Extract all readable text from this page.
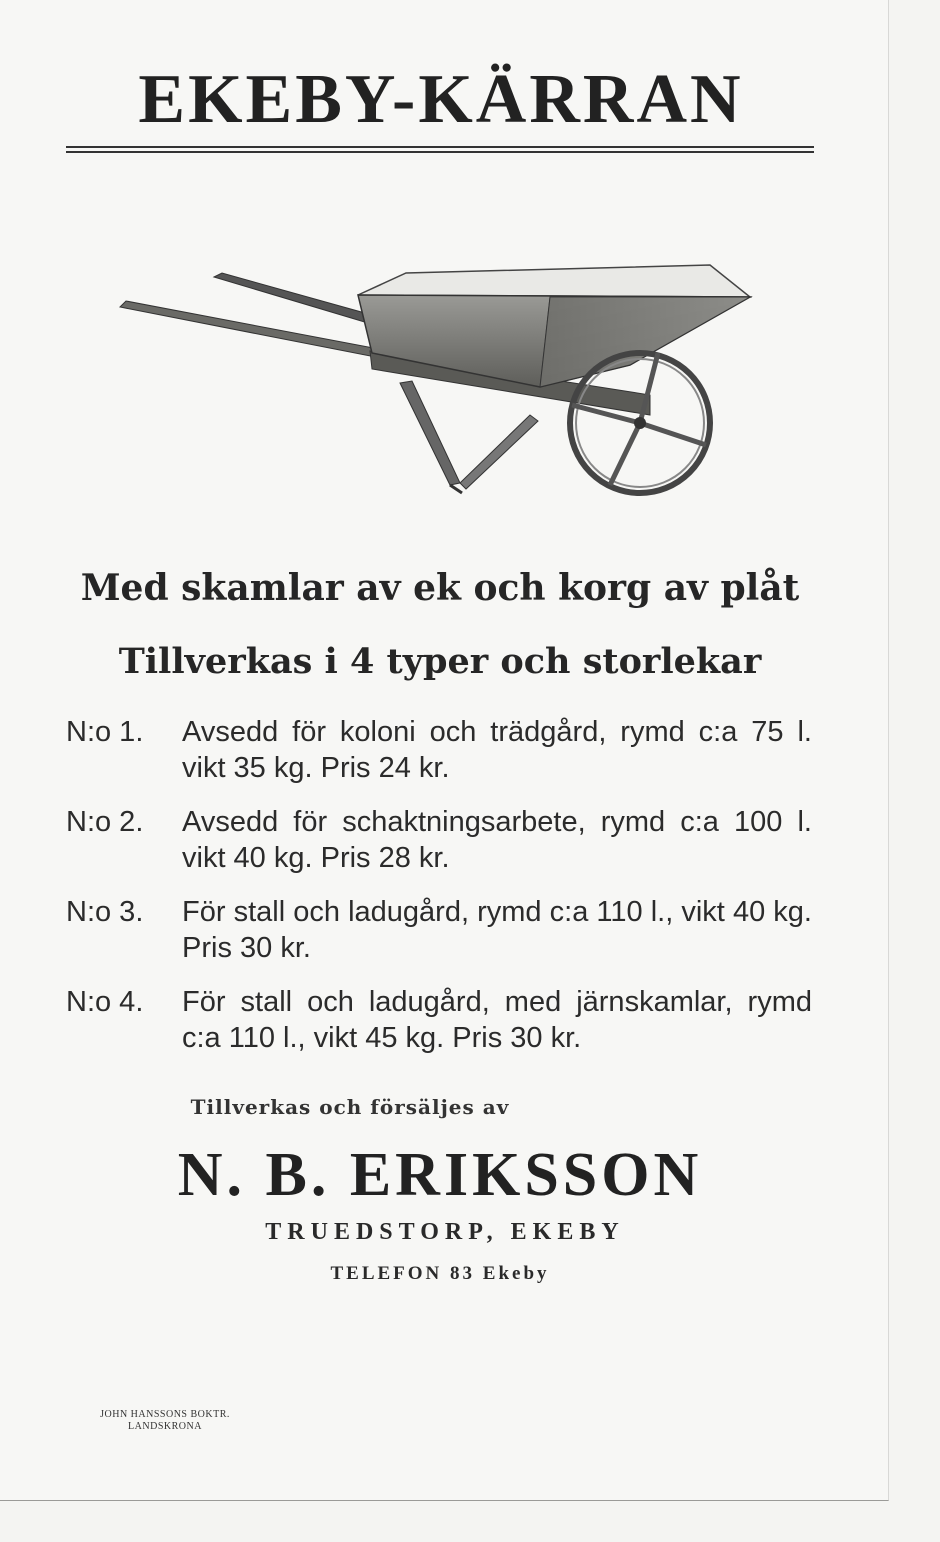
EKEBY-KÄRRAN
Med skamlar av ek och korg av plåt
Tillverkas i 4 typer och storlekar
N:o 1.	Avsedd för koloni och trädgård, rymd c:a 75 l. vikt 35 kg. Pris 24 kr.
N:o 2.	Avsedd för schaktningsarbete, rymd c:a 100 l. vikt 40 kg. Pris 28 kr.
N:o 3.	För stall och ladugård, rymd c:a 110 l., vikt 40 kg. Pris 30 kr.
N:o 4.	För stall och ladugård, med järnskamlar, rymd c:a 110 l., vikt 45 kg. Pris 30 kr.
Tillverkas och försäljes av
N. B. ERIKSSON
TRUEDSTORP, EKEBY
TELEFON 83 Ekeby
JOHN HANSSONS BOKTR.
LANDSKRONA
